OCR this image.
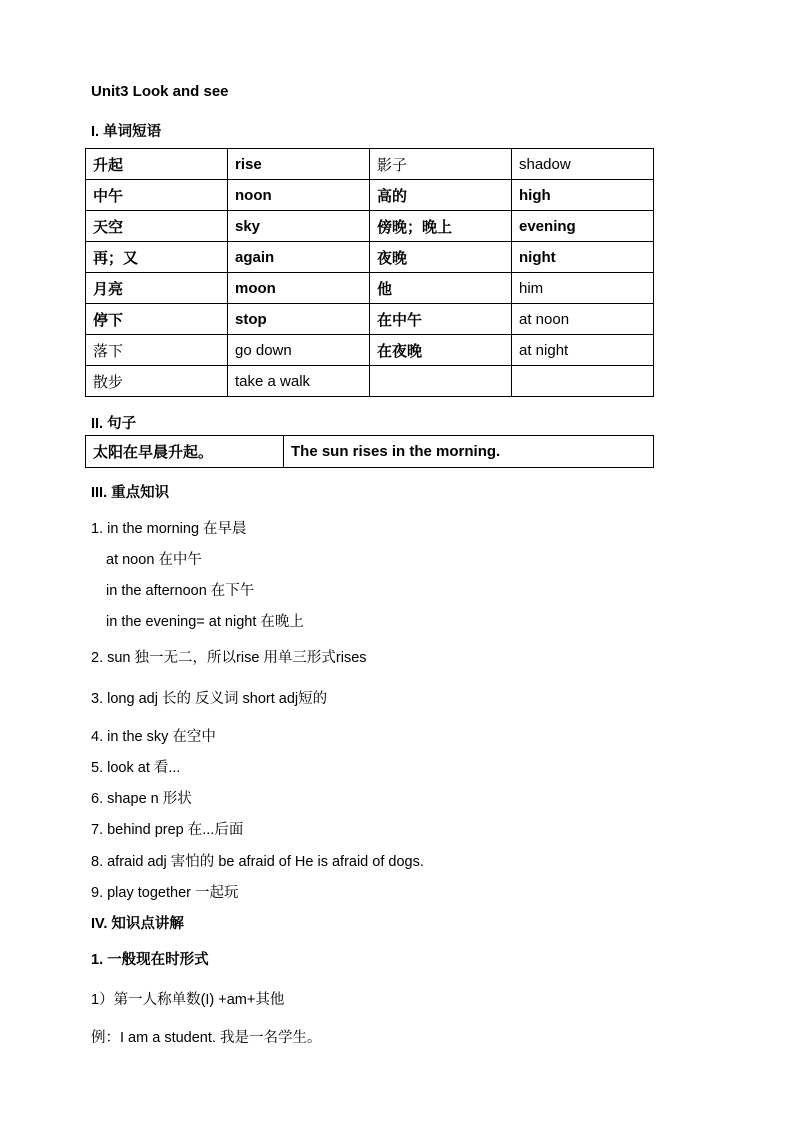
Unit3 Look and see
I. 单词短语
升起	rise	影子	shadow
中午	noon	高的	high
天空	sky	傍晚；晚上	evening
再；又	again	夜晚	night
月亮	moon	他	him
停下	stop	在中午	at noon
落下	go down	在夜晚	at night
散步	take a walk		
II. 句子
太阳在早晨升起。	The sun rises in the morning.
III. 重点知识
1. in the morning 在早晨
at noon 在中午
in the afternoon 在下午
in the evening= at night 在晚上
2. sun 独一无二，所以rise 用单三形式rises
3. long adj 长的 反义词 short adj短的
4. in the sky 在空中
5. look at 看...
6. shape n 形状
7. behind prep 在...后面
8. afraid adj 害怕的 be afraid of He is afraid of dogs.
9. play together 一起玩
IV. 知识点讲解
1. 一般现在时形式
1）第一人称单数(I) +am+其他
例：I am a student. 我是一名学生。
